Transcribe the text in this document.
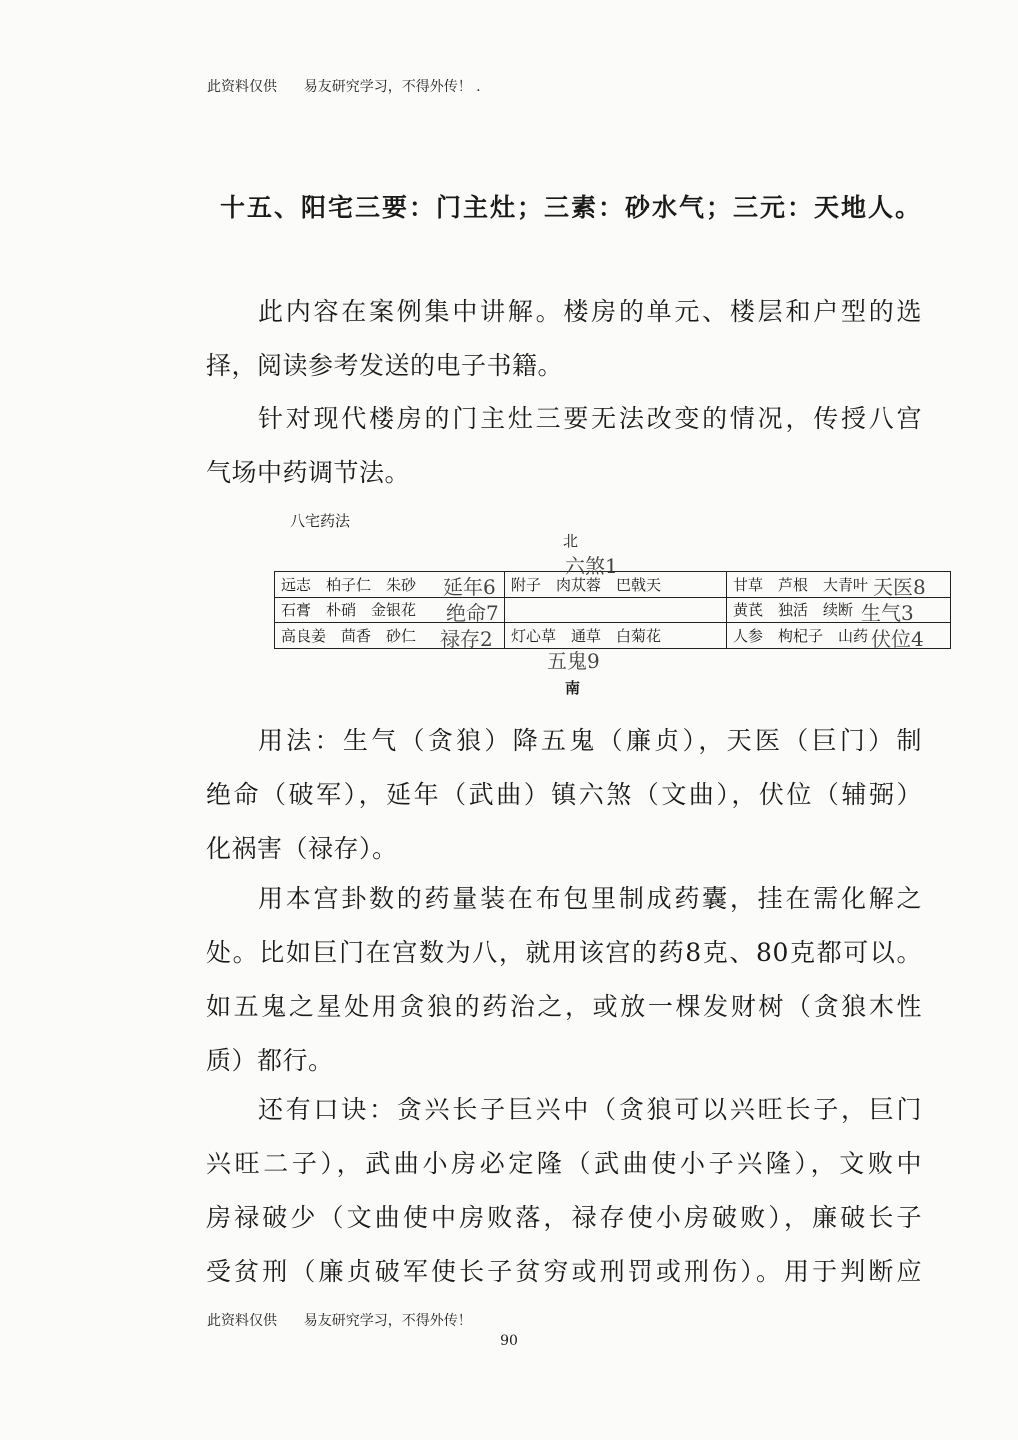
此资料仅供      易友研究学习，不得外传！ .
十五、阳宅三要：门主灶；三素：砂水气；三元：天地人。
此内容在案例集中讲解。楼房的单元、楼层和户型的选
择，阅读参考发送的电子书籍。
针对现代楼房的门主灶三要无法改变的情况，传授八宫
气场中药调节法。
八宅药法
北
远志　柏子仁　朱砂	附子　肉苁蓉　巴戟天	甘草　芦根　大青叶
石膏　朴硝　金银花		黄芪　独活　续断
高良姜　茴香　砂仁	灯心草　通草　白菊花	人参　枸杞子　山药
六煞1
延年6
绝命7
禄存2
五鬼9
天医8
生气3
伏位4
南
用法：生气（贪狼）降五鬼（廉贞），天医（巨门）制
绝命（破军），延年（武曲）镇六煞（文曲），伏位（辅弼）
化祸害（禄存）。
用本宫卦数的药量装在布包里制成药囊，挂在需化解之
处。比如巨门在宫数为八，就用该宫的药8克、80克都可以。
如五鬼之星处用贪狼的药治之，或放一棵发财树（贪狼木性
质）都行。
还有口诀：贪兴长子巨兴中（贪狼可以兴旺长子，巨门
兴旺二子），武曲小房必定隆（武曲使小子兴隆），文败中
房禄破少（文曲使中房败落，禄存使小房破败），廉破长子
受贫刑（廉贞破军使长子贫穷或刑罚或刑伤）。用于判断应
此资料仅供      易友研究学习，不得外传！
90
